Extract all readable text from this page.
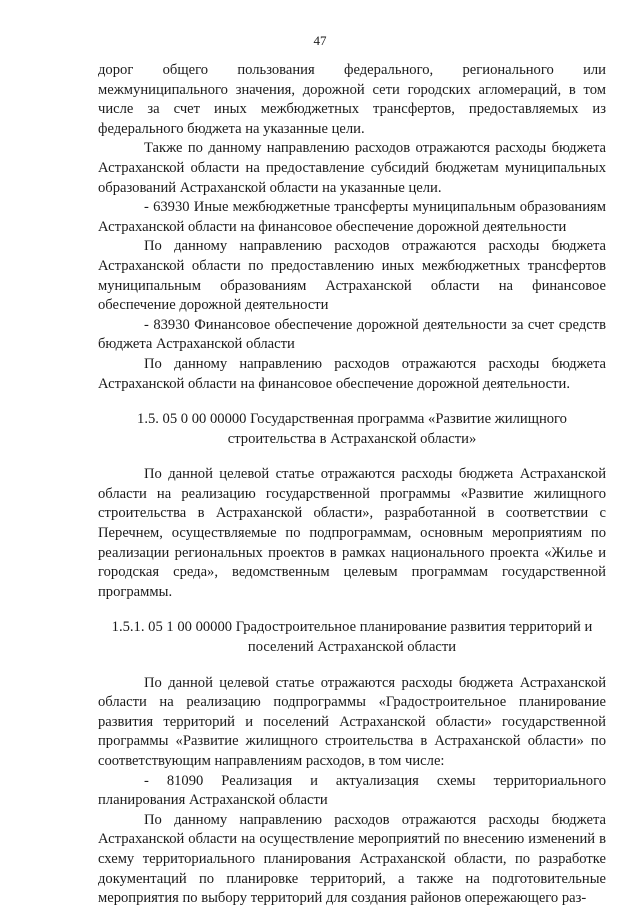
47

дорог общего пользования федерального, регионального или межмуниципального значения, дорожной сети городских агломераций, в том числе за счет иных межбюджетных трансфертов, предоставляемых из федерального бюджета на указанные цели.

Также по данному направлению расходов отражаются расходы бюджета Астраханской области на предоставление субсидий бюджетам муниципальных образований Астраханской области на указанные цели.

- 63930 Иные межбюджетные трансферты муниципальным образованиям Астраханской области на финансовое обеспечение дорожной деятельности

По данному направлению расходов отражаются расходы бюджета Астраханской области по предоставлению иных межбюджетных трансфертов муниципальным образованиям Астраханской области на финансовое обеспечение дорожной деятельности

- 83930 Финансовое обеспечение дорожной деятельности за счет средств бюджета Астраханской области

По данному направлению расходов отражаются расходы бюджета Астраханской области на финансовое обеспечение дорожной деятельности.

1.5. 05 0 00 00000 Государственная программа «Развитие жилищного строительства в Астраханской области»

По данной целевой статье отражаются расходы бюджета Астраханской области на реализацию государственной программы «Развитие жилищного строительства в Астраханской области», разработанной в соответствии с Перечнем, осуществляемые по подпрограммам, основным мероприятиям по реализации региональных проектов в рамках национального проекта «Жилье и городская среда», ведомственным целевым программам государственной программы.

1.5.1. 05 1 00 00000 Градостроительное планирование развития территорий и поселений Астраханской области

По данной целевой статье отражаются расходы бюджета Астраханской области на реализацию подпрограммы «Градостроительное планирование развития территорий и поселений Астраханской области» государственной программы «Развитие жилищного строительства в Астраханской области» по соответствующим направлениям расходов, в том числе:

- 81090 Реализация и актуализация схемы территориального планирования Астраханской области

По данному направлению расходов отражаются расходы бюджета Астраханской области на осуществление мероприятий по внесению изменений в схему территориального планирования Астраханской области, по разработке документаций по планировке территорий, а также на подготовительные мероприятия по выбору территорий для создания районов опережающего раз-
